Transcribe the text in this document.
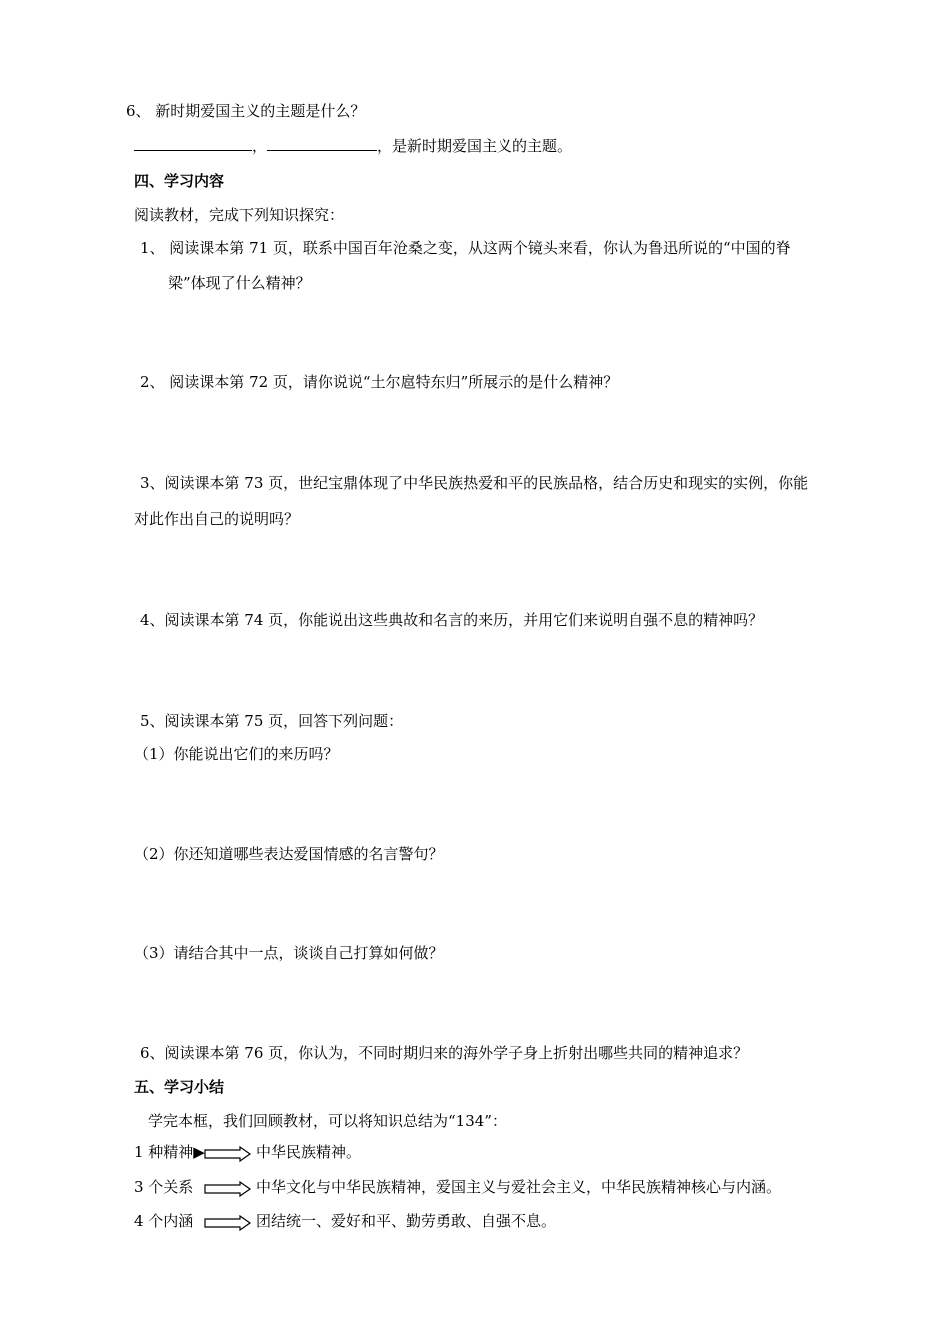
6、 新时期爱国主义的主题是什么？
，	，是新时期爱国主义的主题。
四、学习内容
阅读教材，完成下列知识探究：
1、 阅读课本第 71 页，联系中国百年沧桑之变，从这两个镜头来看，你认为鲁迅所说的“中国的脊
梁”体现了什么精神？
2、 阅读课本第 72 页，请你说说“土尔扈特东归”所展示的是什么精神？
3、阅读课本第 73 页，世纪宝鼎体现了中华民族热爱和平的民族品格，结合历史和现实的实例，你能
对此作出自己的说明吗？
4、阅读课本第 74 页，你能说出这些典故和名言的来历，并用它们来说明自强不息的精神吗？
5、阅读课本第 75 页，回答下列问题：
（1）你能说出它们的来历吗？
（2）你还知道哪些表达爱国情感的名言警句？
（3）请结合其中一点，谈谈自己打算如何做？
6、阅读课本第 76 页，你认为，不同时期归来的海外学子身上折射出哪些共同的精神追求？
五、学习小结
学完本框，我们回顾教材，可以将知识总结为“134”：
1 种精神▶	中华民族精神。
3 个关系	中华文化与中华民族精神，爱国主义与爱社会主义，中华民族精神核心与内涵。
4 个内涵	团结统一、爱好和平、勤劳勇敢、自强不息。
